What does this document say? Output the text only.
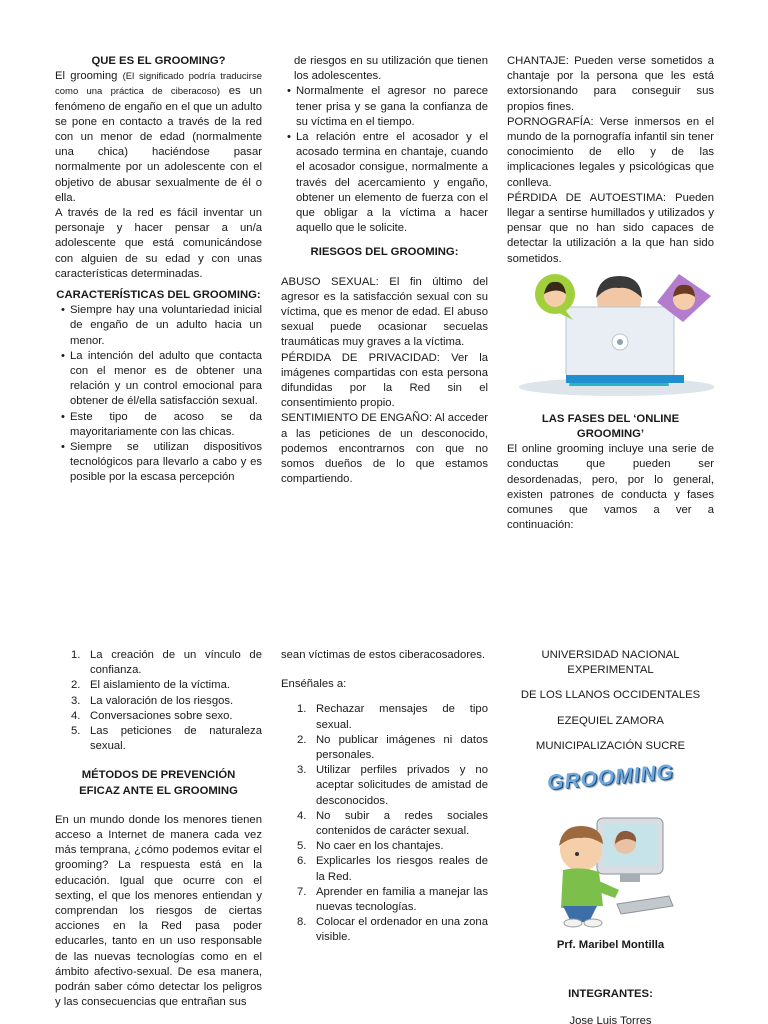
QUE ES EL GROOMING?

El grooming (El significado podría traducirse como una práctica de ciberacoso) es un fenómeno de engaño en el que un adulto se pone en contacto a través de la red con un menor de edad (normalmente una chica) haciéndose pasar normalmente por un adolescente con el objetivo de abusar sexualmente de él o ella.

A través de la red es fácil inventar un personaje y hacer pensar a un/a adolescente que está comunicándose con alguien de su edad y con unas características determinadas.

CARACTERÍSTICAS DEL GROOMING:

• Siempre hay una voluntariedad inicial de engaño de un adulto hacia un menor.
• La intención del adulto que contacta con el menor es de obtener una relación y un control emocional para obtener de él/ella satisfacción sexual.
• Este tipo de acoso se da mayoritariamente con las chicas.
• Siempre se utilizan dispositivos tecnológicos para llevarlo a cabo y es posible por la escasa percepción

de riesgos en su utilización que tienen los adolescentes.

• Normalmente el agresor no parece tener prisa y se gana la confianza de su víctima en el tiempo.
• La relación entre el acosador y el acosado termina en chantaje, cuando el acosador consigue, normalmente a través del acercamiento y engaño, obtener un elemento de fuerza con el que obligar a la víctima a hacer aquello que le solicite.

RIESGOS DEL GROOMING:

ABUSO SEXUAL: El fin último del agresor es la satisfacción sexual con su víctima, que es menor de edad. El abuso sexual puede ocasionar secuelas traumáticas muy graves a la víctima.

PÉRDIDA DE PRIVACIDAD: Ver la imágenes compartidas con esta persona difundidas por la Red sin el consentimiento propio.

SENTIMIENTO DE ENGAÑO: Al acceder a las peticiones de un desconocido, podemos encontrarnos con que no somos dueños de lo que estamos compartiendo.

CHANTAJE: Pueden verse sometidos a chantaje por la persona que les está extorsionando para conseguir sus propios fines.

PORNOGRAFÍA: Verse inmersos en el mundo de la pornografía infantil sin tener conocimiento de ello y de las implicaciones legales y psicológicas que conlleva.

PÉRDIDA DE AUTOESTIMA: Pueden llegar a sentirse humillados y utilizados y pensar que no han sido capaces de detectar la utilización a la que han sido sometidos.

LAS FASES DEL ‘ONLINE GROOMING’

El online grooming incluye una serie de conductas que pueden ser desordenadas, pero, por lo general, existen patrones de conducta y fases comunes que vamos a ver a continuación:

1. La creación de un vínculo de confianza.
2. El aislamiento de la víctima.
3. La valoración de los riesgos.
4. Conversaciones sobre sexo.
5. Las peticiones de naturaleza sexual.

MÉTODOS DE PREVENCIÓN EFICAZ ANTE EL GROOMING

En un mundo donde los menores tienen acceso a Internet de manera cada vez más temprana, ¿cómo podemos evitar el grooming? La respuesta está en la educación. Igual que ocurre con el sexting, el que los menores entiendan y comprendan los riesgos de ciertas acciones en la Red pasa poder educarles, tanto en un uso responsable de las nuevas tecnologías como en el ámbito afectivo-sexual. De esa manera, podrán saber cómo detectar los peligros y las consecuencias que entrañan sus

sean víctimas de estos ciberacosadores.

Enséñales a:

1. Rechazar mensajes de tipo sexual.
2. No publicar imágenes ni datos personales.
3. Utilizar perfiles privados y no aceptar solicitudes de amistad de desconocidos.
4. No subir a redes sociales contenidos de carácter sexual.
5. No caer en los chantajes.
6. Explicarles los riesgos reales de la Red.
7. Aprender en familia a manejar las nuevas tecnologías.
8. Colocar el ordenador en una zona visible.

UNIVERSIDAD NACIONAL EXPERIMENTAL

DE LOS LLANOS OCCIDENTALES

EZEQUIEL ZAMORA

MUNICIPALIZACIÓN SUCRE

GROOMING

Prf. Maribel Montilla

INTEGRANTES:

Jose Luis Torres
